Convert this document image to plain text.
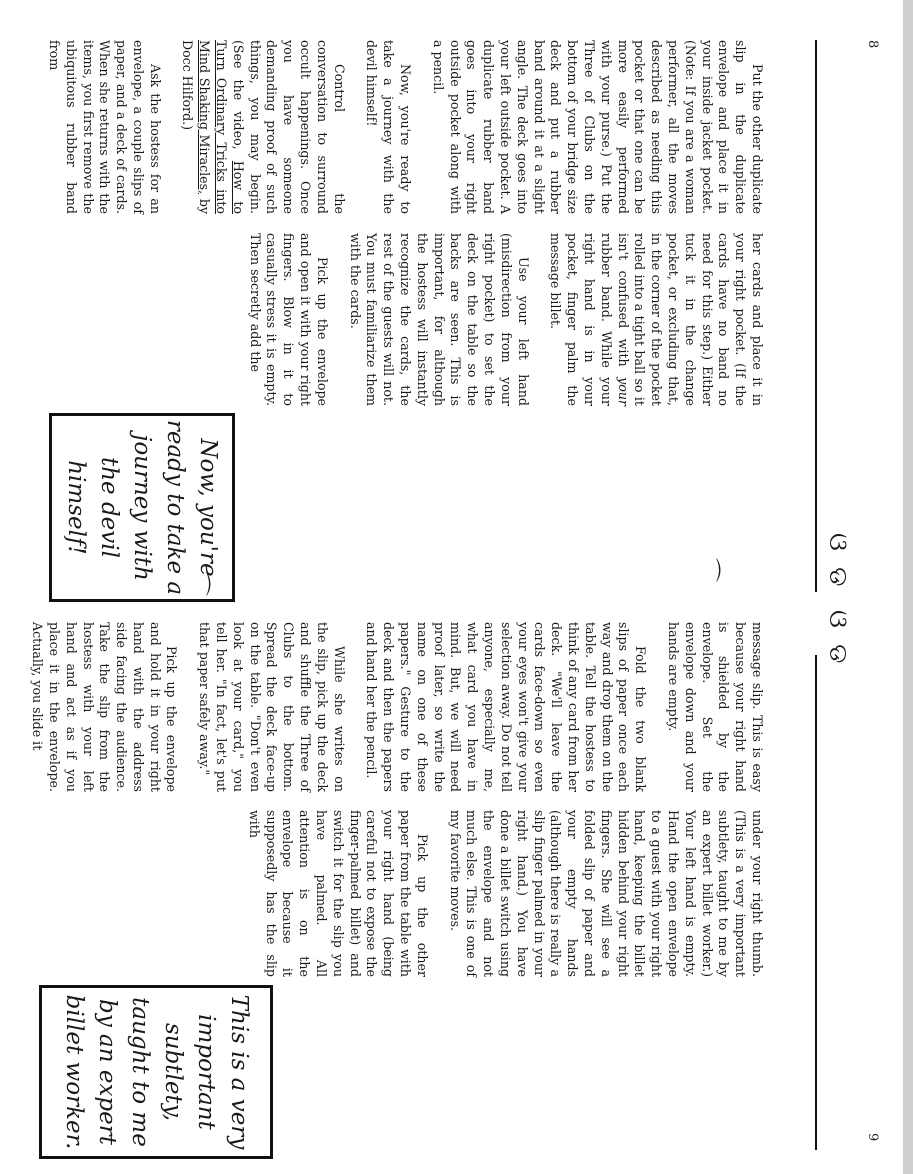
8
ଓ ଡ

Put the other duplicate slip in the duplicate envelope and place it in your inside jacket pocket. (Note: If you are a woman performer, all the moves described as needing this pocket or that one can be more easily performed with your purse.) Put the Three of Clubs on the bottom of your bridge size deck and put a rubber band around it at a slight angle. The deck goes into your left outside pocket. A duplicate rubber band goes into your right outside pocket along with a pencil.

Now, you're ready to take a journey with the devil himself!

Control the conversation to surround occult happenings. Once you have someone demanding proof of such things, you may begin. (See the video, How to Turn Ordinary Tricks into Mind Shaking Miracles, by Docc Hilford.)

Ask the hostess for an envelope, a couple slips of paper, and a deck of cards. When she returns with the items, you first remove the ubiquitous rubber band from

her cards and place it in your right pocket. (If the cards have no band no need for this step.) Either tuck it in the change pocket, or excluding that, in the corner of the pocket rolled into a tight ball so it isn't confused with your rubber band. While your right hand is in your pocket, finger palm the message billet.

Use your left hand (misdirection from your right pocket) to set the deck on the table so the backs are seen. This is important, for although the hostess will instantly recognize the cards, the rest of the guests will not. You must familiarize them with the cards.

Pick up the envelope and open it with your right fingers. Blow in it to casually stress it is empty. Then secretly add the

Now, you're ready to take a journey with the devil himself!
⌒
9
ଓ ଡ

message slip. This is easy because your right hand is shielded by the envelope. Set the envelope down and your hands are empty.

Fold the two blank slips of paper once each way and drop them on the table. Tell the hostess to think of any card from her deck. "We'll leave the cards face-down so even your eyes won't give your selection away. Do not tell anyone, especially me, what card you have in mind. But, we will need proof later, so write the name on one of these papers." Gesture to the deck and then the papers and hand her the pencil.

While she writes on the slip, pick up the deck and shuffle the Three of Clubs to the bottom. Spread the deck face-up on the table. "Don't even look at your card," you tell her. "In fact, let's put that paper safely away."

Pick up the envelope and hold it in your right hand with the address side facing the audience. Take the slip from the hostess with your left hand and act as if you place it in the envelope. Actually, you slide it

under your right thumb. (This is a very important subtlety, taught to me by an expert billet worker.) Your left hand is empty. Hand the open envelope to a guest with your right hand, keeping the billet hidden behind your right fingers. She will see a folded slip of paper and your empty hands (although there is really a slip finger palmed in your right hand.) You have done a billet switch using the envelope and not much else. This is one of my favorite moves.

Pick up the other paper from the table with your right hand (being careful not to expose the finger-palmed billet) and switch it for the slip you have palmed. All attention is on the envelope because it supposedly has the slip with

This is a very important subtlety, taught to me by an expert billet worker.
⌒
